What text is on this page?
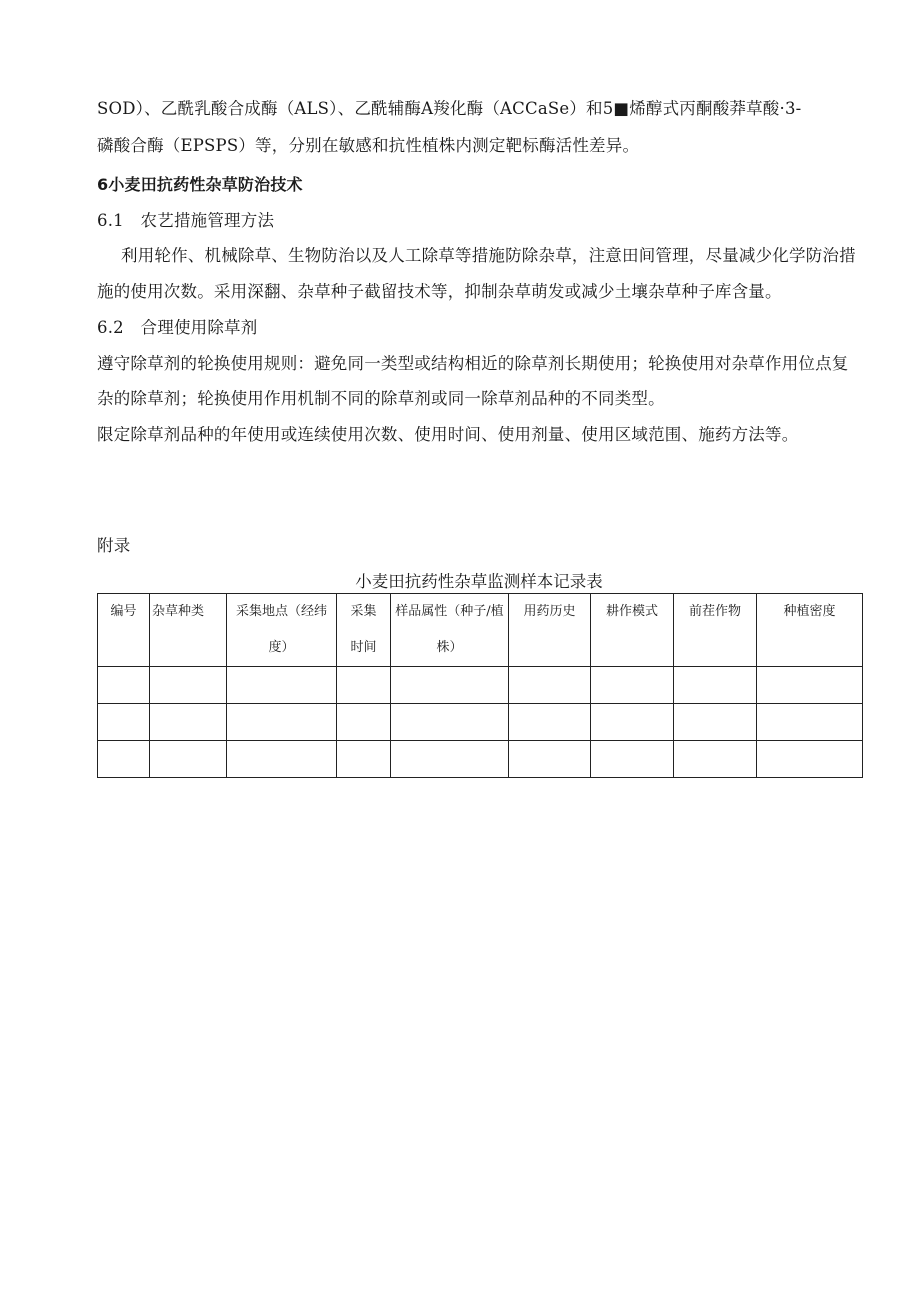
SOD）、乙酰乳酸合成酶（ALS）、乙酰辅酶A羧化酶（ACCaSe）和5■烯醇式丙酮酸莽草酸·3-
磷酸合酶（EPSPS）等，分别在敏感和抗性植株内测定靶标酶活性差异。
6小麦田抗药性杂草防治技术
6.1　农艺措施管理方法
利用轮作、机械除草、生物防治以及人工除草等措施防除杂草，注意田间管理，尽量减少化学防治措
施的使用次数。采用深翻、杂草种子截留技术等，抑制杂草萌发或减少土壤杂草种子库含量。
6.2　合理使用除草剂
遵守除草剂的轮换使用规则：避免同一类型或结构相近的除草剂长期使用；轮换使用对杂草作用位点复
杂的除草剂；轮换使用作用机制不同的除草剂或同一除草剂品种的不同类型。
限定除草剂品种的年使用或连续使用次数、使用时间、使用剂量、使用区域范围、施药方法等。
附录
小麦田抗药性杂草监测样本记录表
编号	杂草种类	采集地点（经纬度）	采集时间	样品属性（种子/植株）	用药历史	耕作模式	前茬作物	种植密度
